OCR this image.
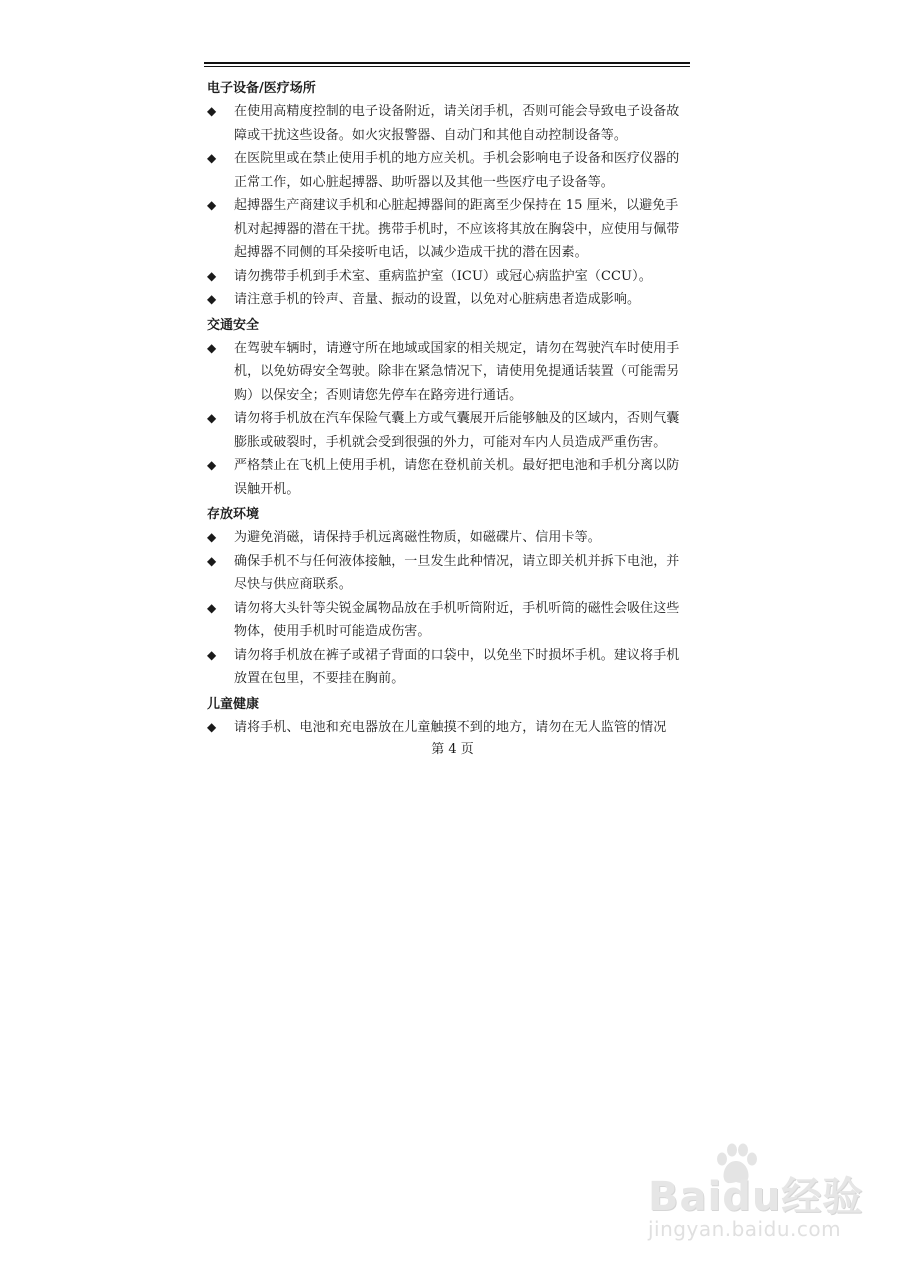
电子设备/医疗场所

◆ 在使用高精度控制的电子设备附近，请关闭手机，否则可能会导致电子设备故障或干扰这些设备。如火灾报警器、自动门和其他自动控制设备等。

◆ 在医院里或在禁止使用手机的地方应关机。手机会影响电子设备和医疗仪器的正常工作，如心脏起搏器、助听器以及其他一些医疗电子设备等。

◆ 起搏器生产商建议手机和心脏起搏器间的距离至少保持在 15 厘米，以避免手机对起搏器的潜在干扰。携带手机时，不应该将其放在胸袋中，应使用与佩带起搏器不同侧的耳朵接听电话，以减少造成干扰的潜在因素。

◆ 请勿携带手机到手术室、重病监护室（ICU）或冠心病监护室（CCU）。

◆ 请注意手机的铃声、音量、振动的设置，以免对心脏病患者造成影响。

交通安全

◆ 在驾驶车辆时，请遵守所在地域或国家的相关规定，请勿在驾驶汽车时使用手机，以免妨碍安全驾驶。除非在紧急情况下，请使用免提通话装置（可能需另购）以保安全；否则请您先停车在路旁进行通话。

◆ 请勿将手机放在汽车保险气囊上方或气囊展开后能够触及的区域内，否则气囊膨胀或破裂时，手机就会受到很强的外力，可能对车内人员造成严重伤害。

◆ 严格禁止在飞机上使用手机，请您在登机前关机。最好把电池和手机分离以防误触开机。

存放环境

◆ 为避免消磁，请保持手机远离磁性物质，如磁碟片、信用卡等。

◆ 确保手机不与任何液体接触，一旦发生此种情况，请立即关机并拆下电池，并尽快与供应商联系。

◆ 请勿将大头针等尖锐金属物品放在手机听筒附近，手机听筒的磁性会吸住这些物体，使用手机时可能造成伤害。

◆ 请勿将手机放在裤子或裙子背面的口袋中，以免坐下时损坏手机。建议将手机放置在包里，不要挂在胸前。

儿童健康

◆ 请将手机、电池和充电器放在儿童触摸不到的地方，请勿在无人监管的情况

第 4 页
Baidu经验
jingyan.baidu.com
